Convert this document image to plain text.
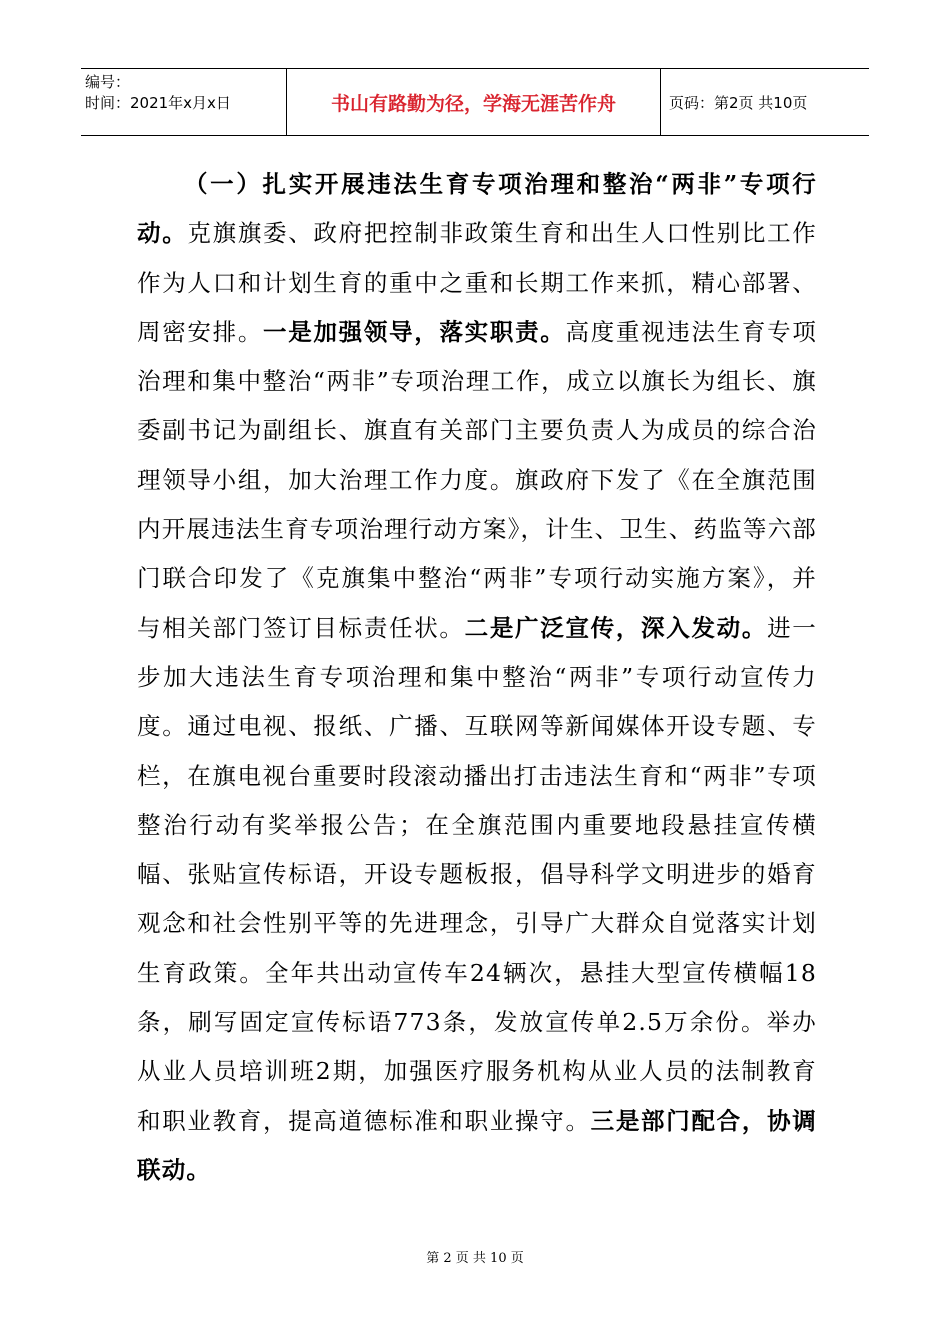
编号：
时间：2021年x月x日	书山有路勤为径，学海无涯苦作舟	页码：第2页 共10页

（一）扎实开展违法生育专项治理和整治“两非”专项行动。克旗旗委、政府把控制非政策生育和出生人口性别比工作作为人口和计划生育的重中之重和长期工作来抓，精心部署、周密安排。一是加强领导，落实职责。高度重视违法生育专项治理和集中整治“两非”专项治理工作，成立以旗长为组长、旗委副书记为副组长、旗直有关部门主要负责人为成员的综合治理领导小组，加大治理工作力度。旗政府下发了《在全旗范围内开展违法生育专项治理行动方案》，计生、卫生、药监等六部门联合印发了《克旗集中整治“两非”专项行动实施方案》，并与相关部门签订目标责任状。二是广泛宣传，深入发动。进一步加大违法生育专项治理和集中整治“两非”专项行动宣传力度。通过电视、报纸、广播、互联网等新闻媒体开设专题、专栏，在旗电视台重要时段滚动播出打击违法生育和“两非”专项整治行动有奖举报公告；在全旗范围内重要地段悬挂宣传横幅、张贴宣传标语，开设专题板报，倡导科学文明进步的婚育观念和社会性别平等的先进理念，引导广大群众自觉落实计划生育政策。全年共出动宣传车24辆次，悬挂大型宣传横幅18条，刷写固定宣传标语773条，发放宣传单2.5万余份。举办从业人员培训班2期，加强医疗服务机构从业人员的法制教育和职业教育，提高道德标准和职业操守。三是部门配合，协调联动。

第 2 页 共 10 页
